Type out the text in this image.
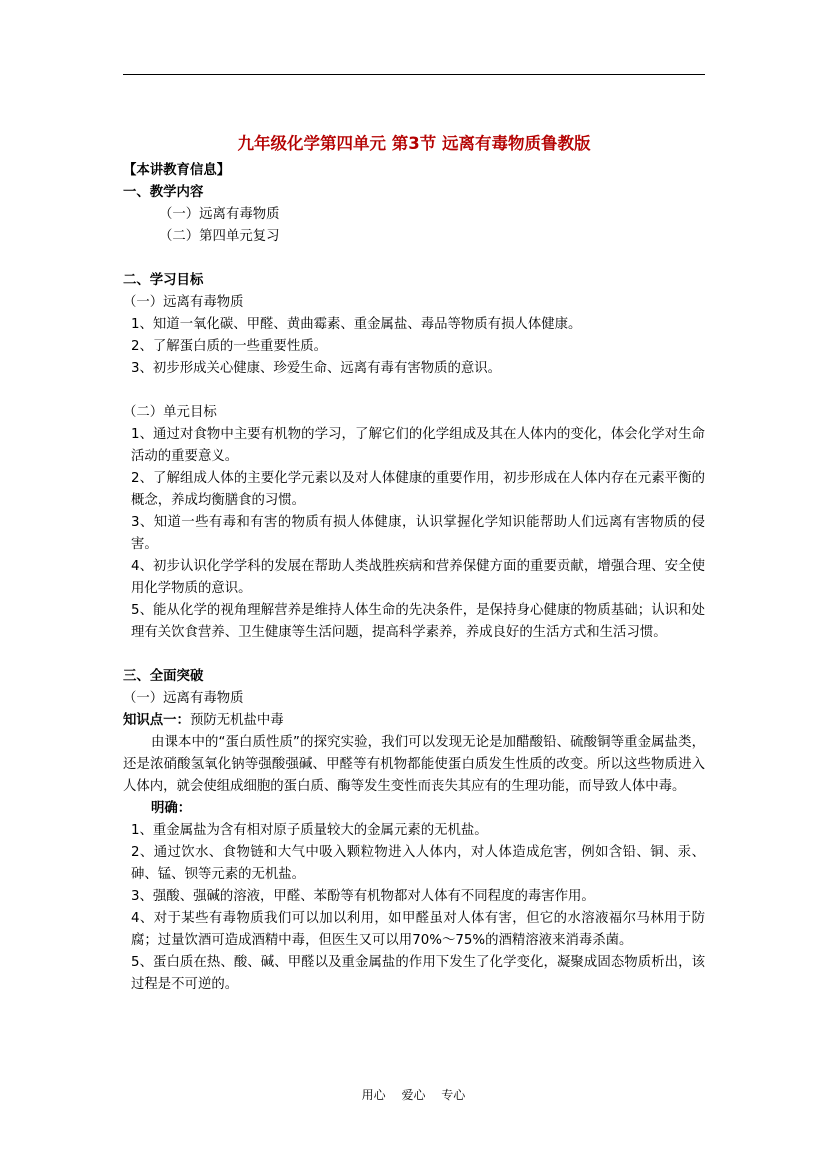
九年级化学第四单元 第3节 远离有毒物质鲁教版
【本讲教育信息】
一、教学内容
（一）远离有毒物质
（二）第四单元复习
二、学习目标
（一）远离有毒物质
1、知道一氧化碳、甲醛、黄曲霉素、重金属盐、毒品等物质有损人体健康。
2、了解蛋白质的一些重要性质。
3、初步形成关心健康、珍爱生命、远离有毒有害物质的意识。
（二）单元目标
1、通过对食物中主要有机物的学习，了解它们的化学组成及其在人体内的变化，体会化学对生命活动的重要意义。
2、了解组成人体的主要化学元素以及对人体健康的重要作用，初步形成在人体内存在元素平衡的概念，养成均衡膳食的习惯。
3、知道一些有毒和有害的物质有损人体健康，认识掌握化学知识能帮助人们远离有害物质的侵害。
4、初步认识化学学科的发展在帮助人类战胜疾病和营养保健方面的重要贡献，增强合理、安全使用化学物质的意识。
5、能从化学的视角理解营养是维持人体生命的先决条件，是保持身心健康的物质基础；认识和处理有关饮食营养、卫生健康等生活问题，提高科学素养，养成良好的生活方式和生活习惯。
三、全面突破
（一）远离有毒物质
知识点一：预防无机盐中毒
由课本中的“蛋白质性质”的探究实验，我们可以发现无论是加醋酸铅、硫酸铜等重金属盐类，还是浓硝酸氢氧化钠等强酸强碱、甲醛等有机物都能使蛋白质发生性质的改变。所以这些物质进入人体内，就会使组成细胞的蛋白质、酶等发生变性而丧失其应有的生理功能，而导致人体中毒。
明确：
1、重金属盐为含有相对原子质量较大的金属元素的无机盐。
2、通过饮水、食物链和大气中吸入颗粒物进入人体内，对人体造成危害，例如含铅、铜、汞、砷、锰、钡等元素的无机盐。
3、强酸、强碱的溶液，甲醛、苯酚等有机物都对人体有不同程度的毒害作用。
4、对于某些有毒物质我们可以加以利用，如甲醛虽对人体有害，但它的水溶液福尔马林用于防腐；过量饮酒可造成酒精中毒，但医生又可以用70%～75%的酒精溶液来消毒杀菌。
5、蛋白质在热、酸、碱、甲醛以及重金属盐的作用下发生了化学变化，凝聚成固态物质析出，该过程是不可逆的。
用心　 爱心　 专心
